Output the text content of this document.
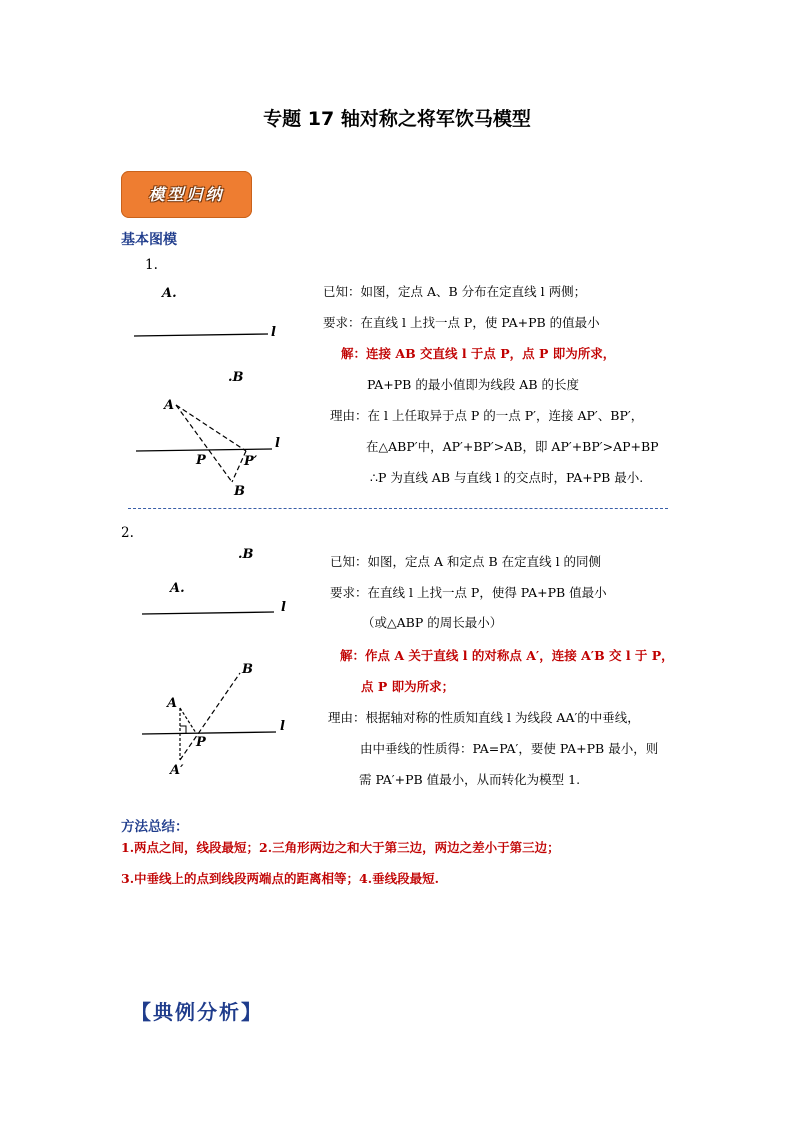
专题 17 轴对称之将军饮马模型
模型归纳
基本图模
1.
A.
l
.B
A
l
P	P′
B
已知：如图，定点 A、B 分布在定直线 l 两侧；
要求：在直线 l 上找一点 P，使 PA+PB 的值最小
解：连接 AB 交直线 l 于点 P，点 P 即为所求，
PA+PB 的最小值即为线段 AB 的长度
理由：在 l 上任取异于点 P 的一点 P′，连接 AP′、BP′，
在△ABP′中，AP′+BP′>AB，即 AP′+BP′>AP+BP
∴P 为直线 AB 与直线 l 的交点时，PA+PB 最小.
2.
.B
A.
l
B
A
l
P
A′
已知：如图，定点 A 和定点 B 在定直线 l 的同侧
要求：在直线 l 上找一点 P，使得 PA+PB 值最小
（或△ABP 的周长最小）
解：作点 A 关于直线 l 的对称点 A′，连接 A′B 交 l 于 P，
点 P 即为所求；
理由：根据轴对称的性质知直线 l 为线段 AA′的中垂线，
由中垂线的性质得：PA=PA′，要使 PA+PB 最小，则
需 PA′+PB 值最小，从而转化为模型 1.
方法总结：
1.两点之间，线段最短；2.三角形两边之和大于第三边，两边之差小于第三边；
3.中垂线上的点到线段两端点的距离相等；4.垂线段最短.
【典例分析】
